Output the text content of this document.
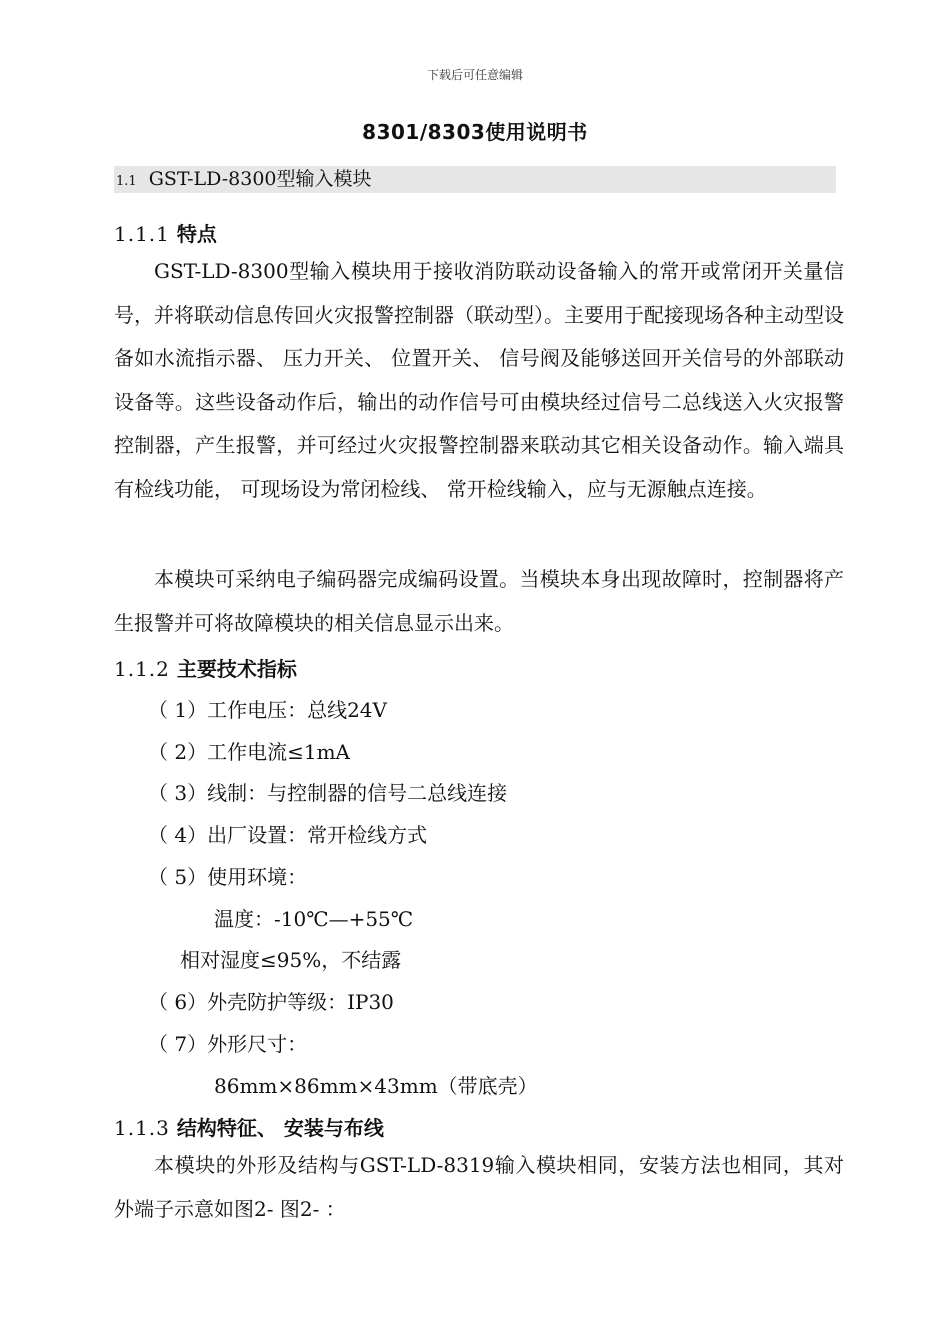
下载后可任意编辑
8301/8303使用说明书
1.1 GST-LD-8300型输入模块
1.1.1 特点
GST-LD-8300型输入模块用于接收消防联动设备输入的常开或常闭开关量信号，并将联动信息传回火灾报警控制器（联动型）。主要用于配接现场各种主动型设备如水流指示器、 压力开关、 位置开关、 信号阀及能够送回开关信号的外部联动设备等。这些设备动作后，输出的动作信号可由模块经过信号二总线送入火灾报警控制器，产生报警，并可经过火灾报警控制器来联动其它相关设备动作。输入端具有检线功能， 可现场设为常闭检线、 常开检线输入，应与无源触点连接。
本模块可采纳电子编码器完成编码设置。当模块本身出现故障时，控制器将产生报警并可将故障模块的相关信息显示出来。
1.1.2 主要技术指标
（ 1）工作电压：总线24V
（ 2）工作电流≤1mA
（ 3）线制：与控制器的信号二总线连接
（ 4）出厂设置：常开检线方式
（ 5）使用环境：
温度：-10℃—+55℃
相对湿度≤95%，不结露
（ 6）外壳防护等级：IP30
（ 7）外形尺寸：
86mm×86mm×43mm（带底壳）
1.1.3 结构特征、 安装与布线
本模块的外形及结构与GST-LD-8319输入模块相同，安装方法也相同，其对外端子示意如图2- 图2- ：
